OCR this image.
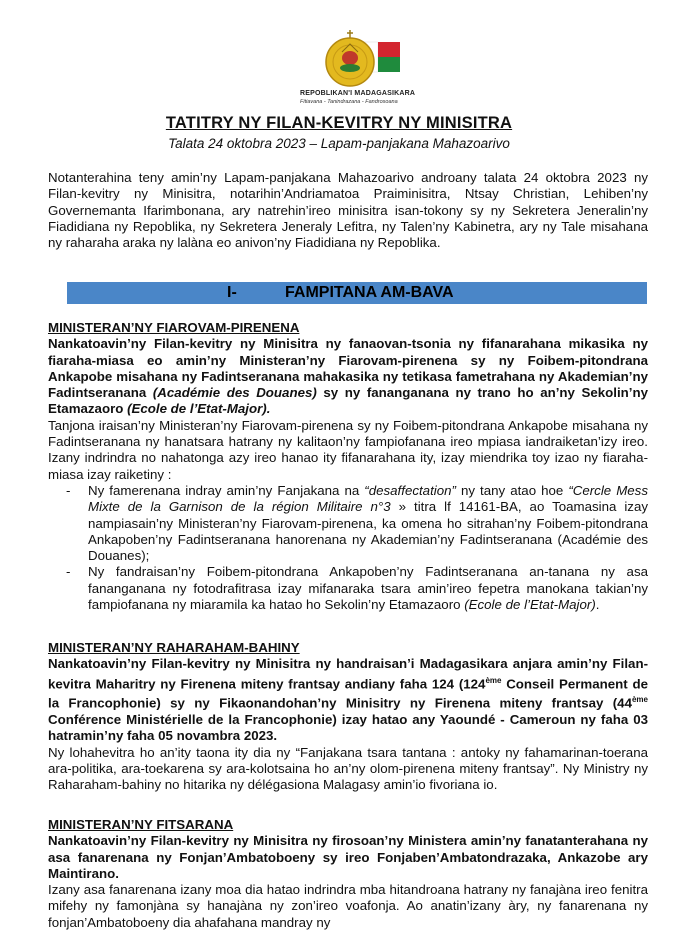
REPOBLIKAN'I MADAGASIKARA
Fitiavana - Tanindrazana - Fandrosoana
TATITRY NY FILAN-KEVITRY NY MINISITRA
Talata 24 oktobra 2023 – Lapam-panjakana Mahazoarivo
Notanterahina teny amin’ny Lapam-panjakana Mahazoarivo androany talata 24 oktobra 2023 ny Filan-kevitry ny Minisitra, notarihin’Andriamatoa Praiminisitra, Ntsay Christian, Lehiben’ny Governemanta Ifarimbonana, ary natrehin’ireo minisitra isan-tokony sy ny Sekretera Jeneralin’ny Fiadidiana ny Repoblika, ny Sekretera Jeneraly Lefitra, ny Talen’ny Kabinetra, ary ny Tale misahana ny raharaha araka ny lalàna eo anivon’ny Fiadidiana ny Repoblika.
I-	FAMPITANA AM-BAVA

MINISTERAN’NY FIAROVAM-PIRENENA

Nankatoavin’ny Filan-kevitry ny Minisitra ny fanaovan-tsonia ny fifanarahana mikasika ny fiaraha-miasa eo amin’ny Ministeran’ny Fiarovam-pirenena sy ny Foibem-pitondrana Ankapobe misahana ny Fadintseranana mahakasika ny tetikasa fametrahana ny Akademian’ny Fadintseranana (Académie des Douanes) sy ny fananganana ny trano ho an’ny Sekolin’ny Etamazaoro (Ecole de l’Etat-Major).

Tanjona iraisan’ny Ministeran’ny Fiarovam-pirenena sy ny Foibem-pitondrana Ankapobe misahana ny Fadintseranana ny hanatsara hatrany ny kalitaon’ny fampiofanana ireo mpiasa iandraiketan’izy ireo. Izany indrindra no nahatonga azy ireo hanao ity fifanarahana ity, izay miendrika toy izao ny fiaraha-miasa izay raiketiny :

- Ny famerenana indray amin’ny Fanjakana na “desaffectation” ny tany atao hoe “Cercle Mess Mixte de la Garnison de la région Militaire n°3 » titra lf 14161-BA, ao Toamasina izay nampiasain’ny Ministeran’ny Fiarovam-pirenena, ka omena ho sitrahan’ny Foibem-pitondrana Ankapoben’ny Fadintseranana hanorenana ny Akademian’ny Fadintseranana (Académie des Douanes);
- Ny fandraisan’ny Foibem-pitondrana Ankapoben’ny Fadintseranana an-tanana ny asa fananganana ny fotodrafitrasa izay mifanaraka tsara amin’ireo fepetra manokana takian’ny fampiofanana ny miaramila ka hatao ho Sekolin’ny Etamazaoro (Ecole de l’Etat-Major).

MINISTERAN’NY RAHARAHAM-BAHINY

Nankatoavin’ny Filan-kevitry ny Minisitra ny handraisan’i Madagasikara anjara amin’ny Filan-kevitra Maharitry ny Firenena miteny frantsay andiany faha 124 (124ème Conseil Permanent de la Francophonie) sy ny Fikaonandohan’ny Minisitry ny Firenena miteny frantsay (44ème Conférence Ministérielle de la Francophonie) izay hatao any Yaoundé - Cameroun ny faha 03 hatramin’ny faha 05 novambra 2023.

Ny lohahevitra ho an’ity taona ity dia ny “Fanjakana tsara tantana : antoky ny fahamarinan-toerana ara-politika, ara-toekarena sy ara-kolotsaina ho an’ny olom-pirenena miteny frantsay”. Ny Ministry ny Raharaham-bahiny no hitarika ny délégasiona Malagasy amin’io fivoriana io.

MINISTERAN’NY FITSARANA

Nankatoavin’ny Filan-kevitry ny Minisitra ny firosoan’ny Ministera amin’ny fanatanterahana ny asa fanarenana ny Fonjan’Ambatoboeny sy ireo Fonjaben’Ambatondrazaka, Ankazobe ary Maintirano.

Izany asa fanarenana izany moa dia hatao indrindra mba hitandroana hatrany ny fanajàna ireo fenitra mifehy ny famonjàna sy hanajàna ny zon’ireo voafonja. Ao anatin’izany àry, ny fanarenana ny fonjan’Ambatoboeny dia ahafahana mandray ny
